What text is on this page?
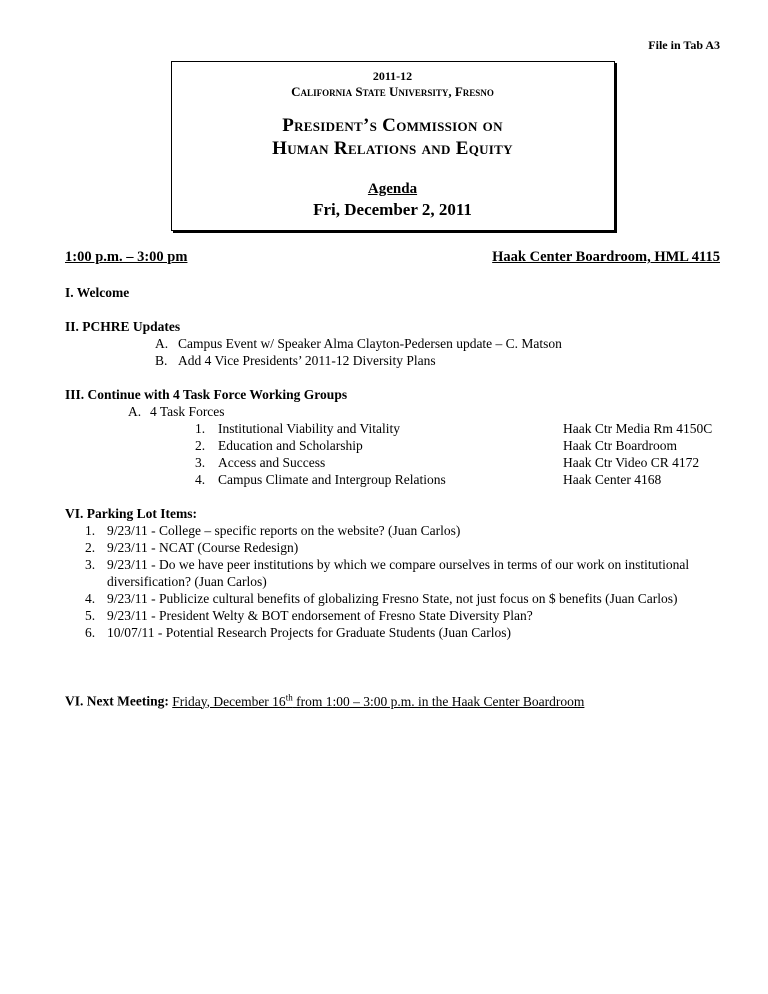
File in Tab A3
2011-12
California State University, Fresno
President’s Commission on
Human Relations and Equity
Agenda
Fri, December 2, 2011
1:00 p.m. – 3:00 pm	Haak Center Boardroom, HML 4115
I. Welcome
II. PCHRE Updates
A. Campus Event w/ Speaker Alma Clayton-Pedersen update – C. Matson
B. Add 4 Vice Presidents’ 2011-12 Diversity Plans
III. Continue with 4 Task Force Working Groups
A. 4 Task Forces
1. Institutional Viability and Vitality	Haak Ctr Media Rm 4150C
2. Education and Scholarship	Haak Ctr Boardroom
3. Access and Success	Haak Ctr Video CR 4172
4. Campus Climate and Intergroup Relations	Haak Center 4168
VI. Parking Lot Items:
1. 9/23/11 - College – specific reports on the website? (Juan Carlos)
2. 9/23/11 - NCAT (Course Redesign)
3. 9/23/11 - Do we have peer institutions by which we compare ourselves in terms of our work on institutional diversification? (Juan Carlos)
4. 9/23/11 - Publicize cultural benefits of globalizing Fresno State, not just focus on $ benefits (Juan Carlos)
5. 9/23/11 - President Welty & BOT endorsement of Fresno State Diversity Plan?
6. 10/07/11 - Potential Research Projects for Graduate Students (Juan Carlos)
VI. Next Meeting: Friday, December 16th from 1:00 – 3:00 p.m. in the Haak Center Boardroom
